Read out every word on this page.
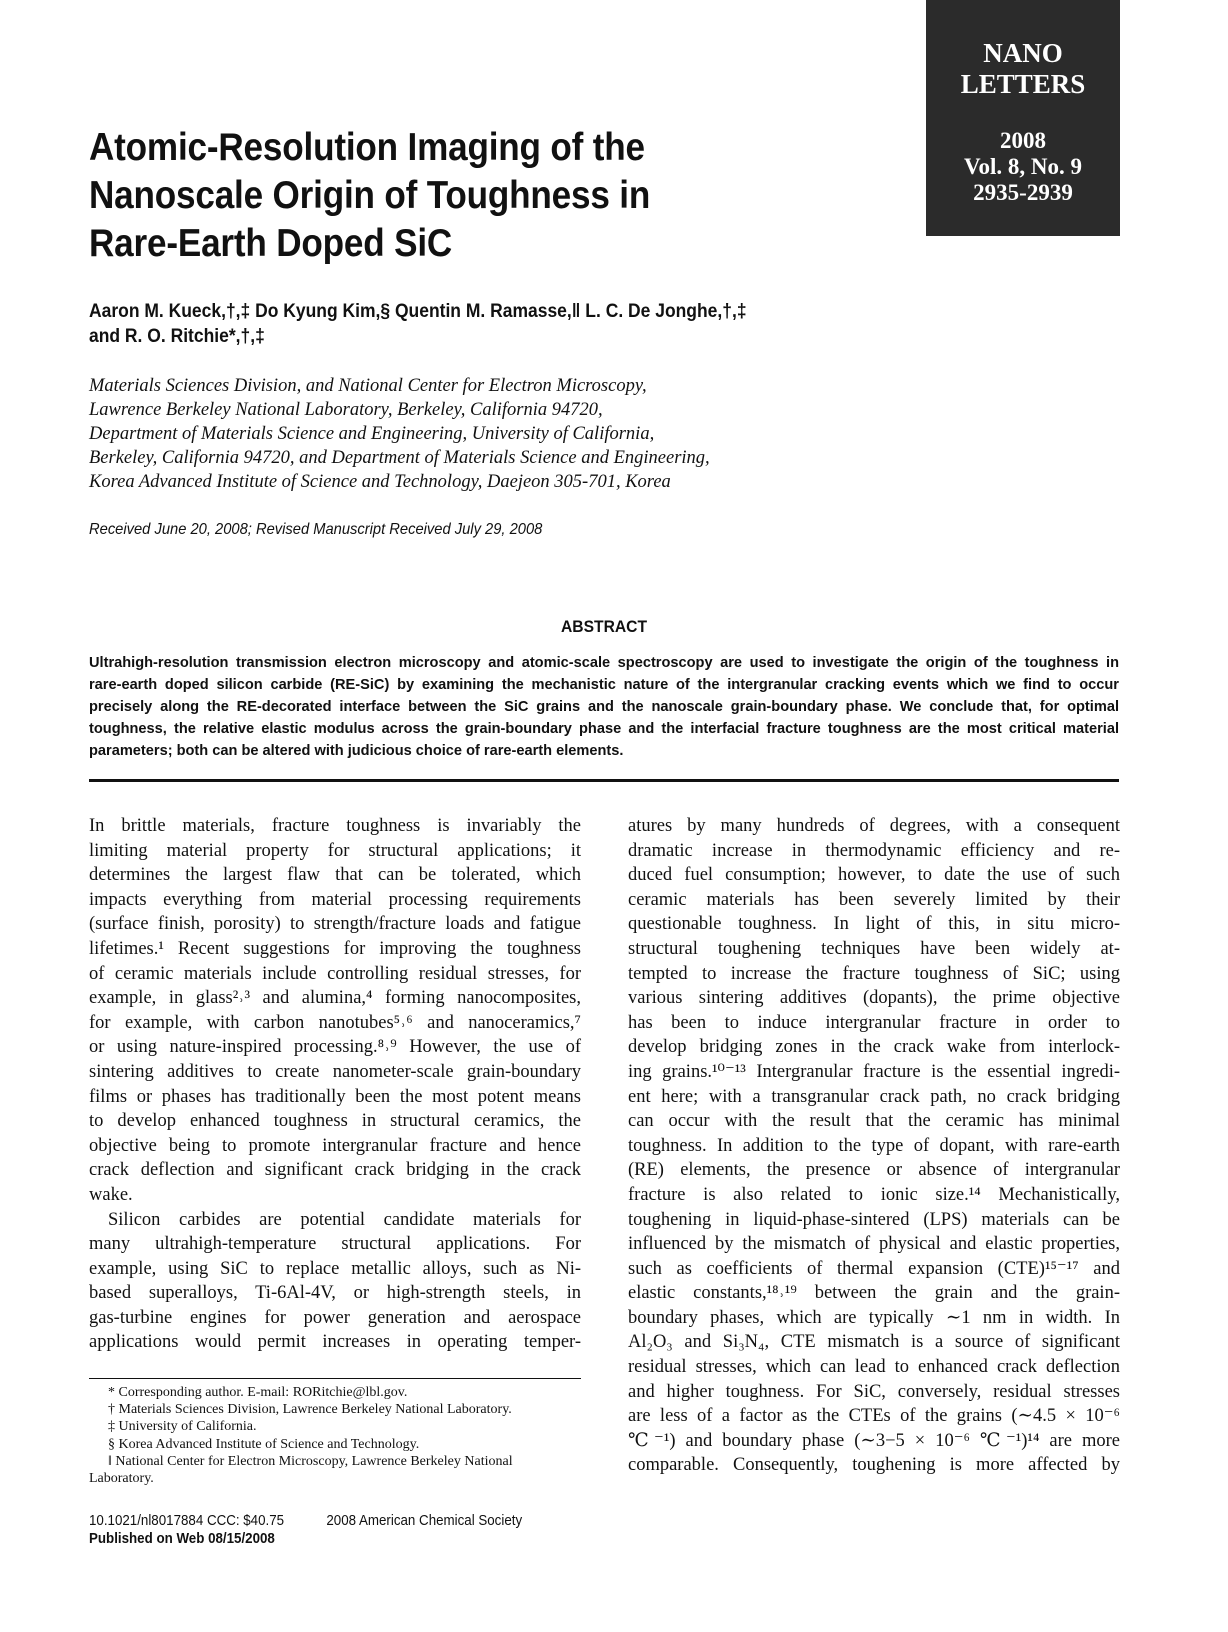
NANO
LETTERS
2008
Vol. 8, No. 9
2935-2939
Atomic-Resolution Imaging of the
Nanoscale Origin of Toughness in
Rare-Earth Doped SiC
Aaron M. Kueck,†,‡ Do Kyung Kim,§ Quentin M. Ramasse,‖ L. C. De Jonghe,†,‡
and R. O. Ritchie*,†,‡
Materials Sciences Division, and National Center for Electron Microscopy,
Lawrence Berkeley National Laboratory, Berkeley, California 94720,
Department of Materials Science and Engineering, University of California,
Berkeley, California 94720, and Department of Materials Science and Engineering,
Korea Advanced Institute of Science and Technology, Daejeon 305-701, Korea
Received June 20, 2008; Revised Manuscript Received July 29, 2008
ABSTRACT
Ultrahigh-resolution transmission electron microscopy and atomic-scale spectroscopy are used to investigate the origin of the toughness in
rare-earth doped silicon carbide (RE-SiC) by examining the mechanistic nature of the intergranular cracking events which we find to occur
precisely along the RE-decorated interface between the SiC grains and the nanoscale grain-boundary phase. We conclude that, for optimal
toughness, the relative elastic modulus across the grain-boundary phase and the interfacial fracture toughness are the most critical material
parameters; both can be altered with judicious choice of rare-earth elements.
In brittle materials, fracture toughness is invariably the
limiting material property for structural applications; it
determines the largest flaw that can be tolerated, which
impacts everything from material processing requirements
(surface finish, porosity) to strength/fracture loads and fatigue
lifetimes.¹ Recent suggestions for improving the toughness
of ceramic materials include controlling residual stresses, for
example, in glass²˒³ and alumina,⁴ forming nanocomposites,
for example, with carbon nanotubes⁵˒⁶ and nanoceramics,⁷
or using nature-inspired processing.⁸˒⁹ However, the use of
sintering additives to create nanometer-scale grain-boundary
films or phases has traditionally been the most potent means
to develop enhanced toughness in structural ceramics, the
objective being to promote intergranular fracture and hence
crack deflection and significant crack bridging in the crack
wake.
Silicon carbides are potential candidate materials for
many ultrahigh-temperature structural applications. For
example, using SiC to replace metallic alloys, such as Ni-
based superalloys, Ti-6Al-4V, or high-strength steels, in
gas-turbine engines for power generation and aerospace
applications would permit increases in operating temper-
* Corresponding author. E-mail: RORitchie@lbl.gov.
† Materials Sciences Division, Lawrence Berkeley National Laboratory.
‡ University of California.
§ Korea Advanced Institute of Science and Technology.
‖ National Center for Electron Microscopy, Lawrence Berkeley National
Laboratory.
10.1021/nl8017884 CCC: $40.75	2008 American Chemical Society
Published on Web 08/15/2008
atures by many hundreds of degrees, with a consequent
dramatic increase in thermodynamic efficiency and re-
duced fuel consumption; however, to date the use of such
ceramic materials has been severely limited by their
questionable toughness. In light of this, in situ micro-
structural toughening techniques have been widely at-
tempted to increase the fracture toughness of SiC; using
various sintering additives (dopants), the prime objective
has been to induce intergranular fracture in order to
develop bridging zones in the crack wake from interlock-
ing grains.¹⁰⁻¹³ Intergranular fracture is the essential ingredi-
ent here; with a transgranular crack path, no crack bridging
can occur with the result that the ceramic has minimal
toughness. In addition to the type of dopant, with rare-earth
(RE) elements, the presence or absence of intergranular
fracture is also related to ionic size.¹⁴ Mechanistically,
toughening in liquid-phase-sintered (LPS) materials can be
influenced by the mismatch of physical and elastic properties,
such as coefficients of thermal expansion (CTE)¹⁵⁻¹⁷ and
elastic constants,¹⁸˒¹⁹ between the grain and the grain-
boundary phases, which are typically ∼1 nm in width. In
Al₂O₃ and Si₃N₄, CTE mismatch is a source of significant
residual stresses, which can lead to enhanced crack deflection
and higher toughness. For SiC, conversely, residual stresses
are less of a factor as the CTEs of the grains (∼4.5 × 10⁻⁶
℃⁻¹) and boundary phase (∼3−5 × 10⁻⁶ ℃⁻¹)¹⁴ are more
comparable. Consequently, toughening is more affected by
